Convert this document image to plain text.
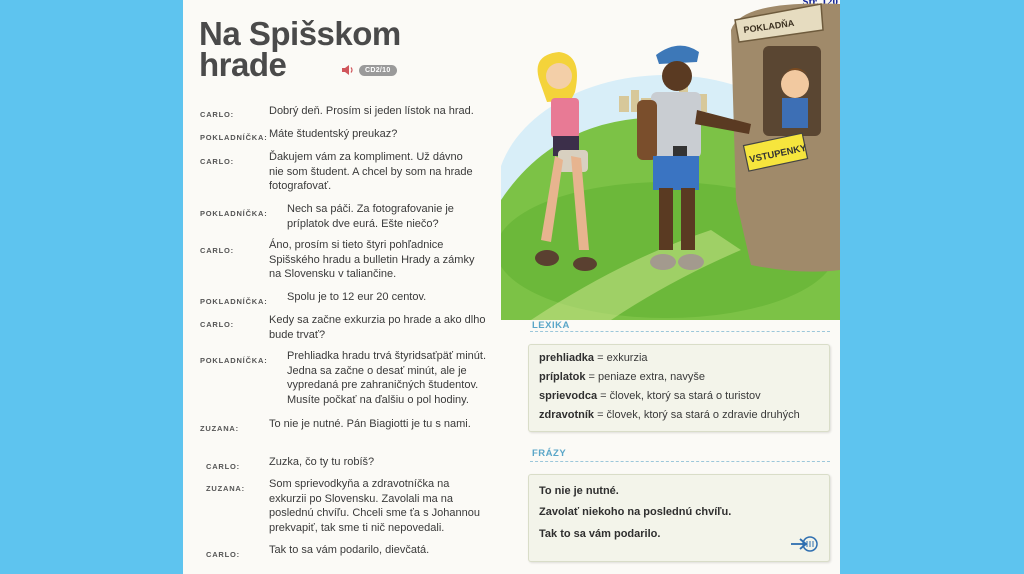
Na Spišskom
hrade	CD2/10
CARLO:	Dobrý deň. Prosím si jeden lístok na hrad.
POKLADNÍČKA: Máte študentský preukaz?
CARLO:	Ďakujem vám za kompliment. Už dávno
nie som študent. A chcel by som na hrade
fotografovať.
POKLADNÍČKA: Nech sa páči. Za fotografovanie je
príplatok dve eurá. Ešte niečo?
CARLO:	Áno, prosím si tieto štyri pohľadnice
Spišského hradu a bulletin Hrady a zámky
na Slovensku v taliančine.
POKLADNÍČKA: Spolu je to 12 eur 20 centov.
CARLO:	Kedy sa začne exkurzia po hrade a ako dlho
bude trvať?
POKLADNÍČKA: Prehliadka hradu trvá štyridsaťpäť minút.
Jedna sa začne o desať minút, ale je
vypredaná pre zahraničných študentov.
Musíte počkať na ďalšiu o pol hodiny.
ZUZANA:	To nie je nutné. Pán Biagiotti je tu s nami.
CARLO:	Zuzka, čo ty tu robíš?
ZUZANA: Som sprievodkyňa a zdravotníčka na
exkurzii po Slovensku. Zavolali ma na
poslednú chvíľu. Chceli sme ťa s Johannou
prekvapiť, tak sme ti nič nepovedali.
CARLO:	Tak to sa vám podarilo, dievčatá.
POKLADŇA
VSTUPENKY
LEXIKA
prehliadka = exkurzia
príplatok = peniaze extra, navyše
sprievodca = človek, ktorý sa stará o turistov
zdravotník = človek, ktorý sa stará o zdravie druhých
FRÁZY
To nie je nutné.
Zavolať niekoho na poslednú chvíľu.
Tak to sa vám podarilo.
